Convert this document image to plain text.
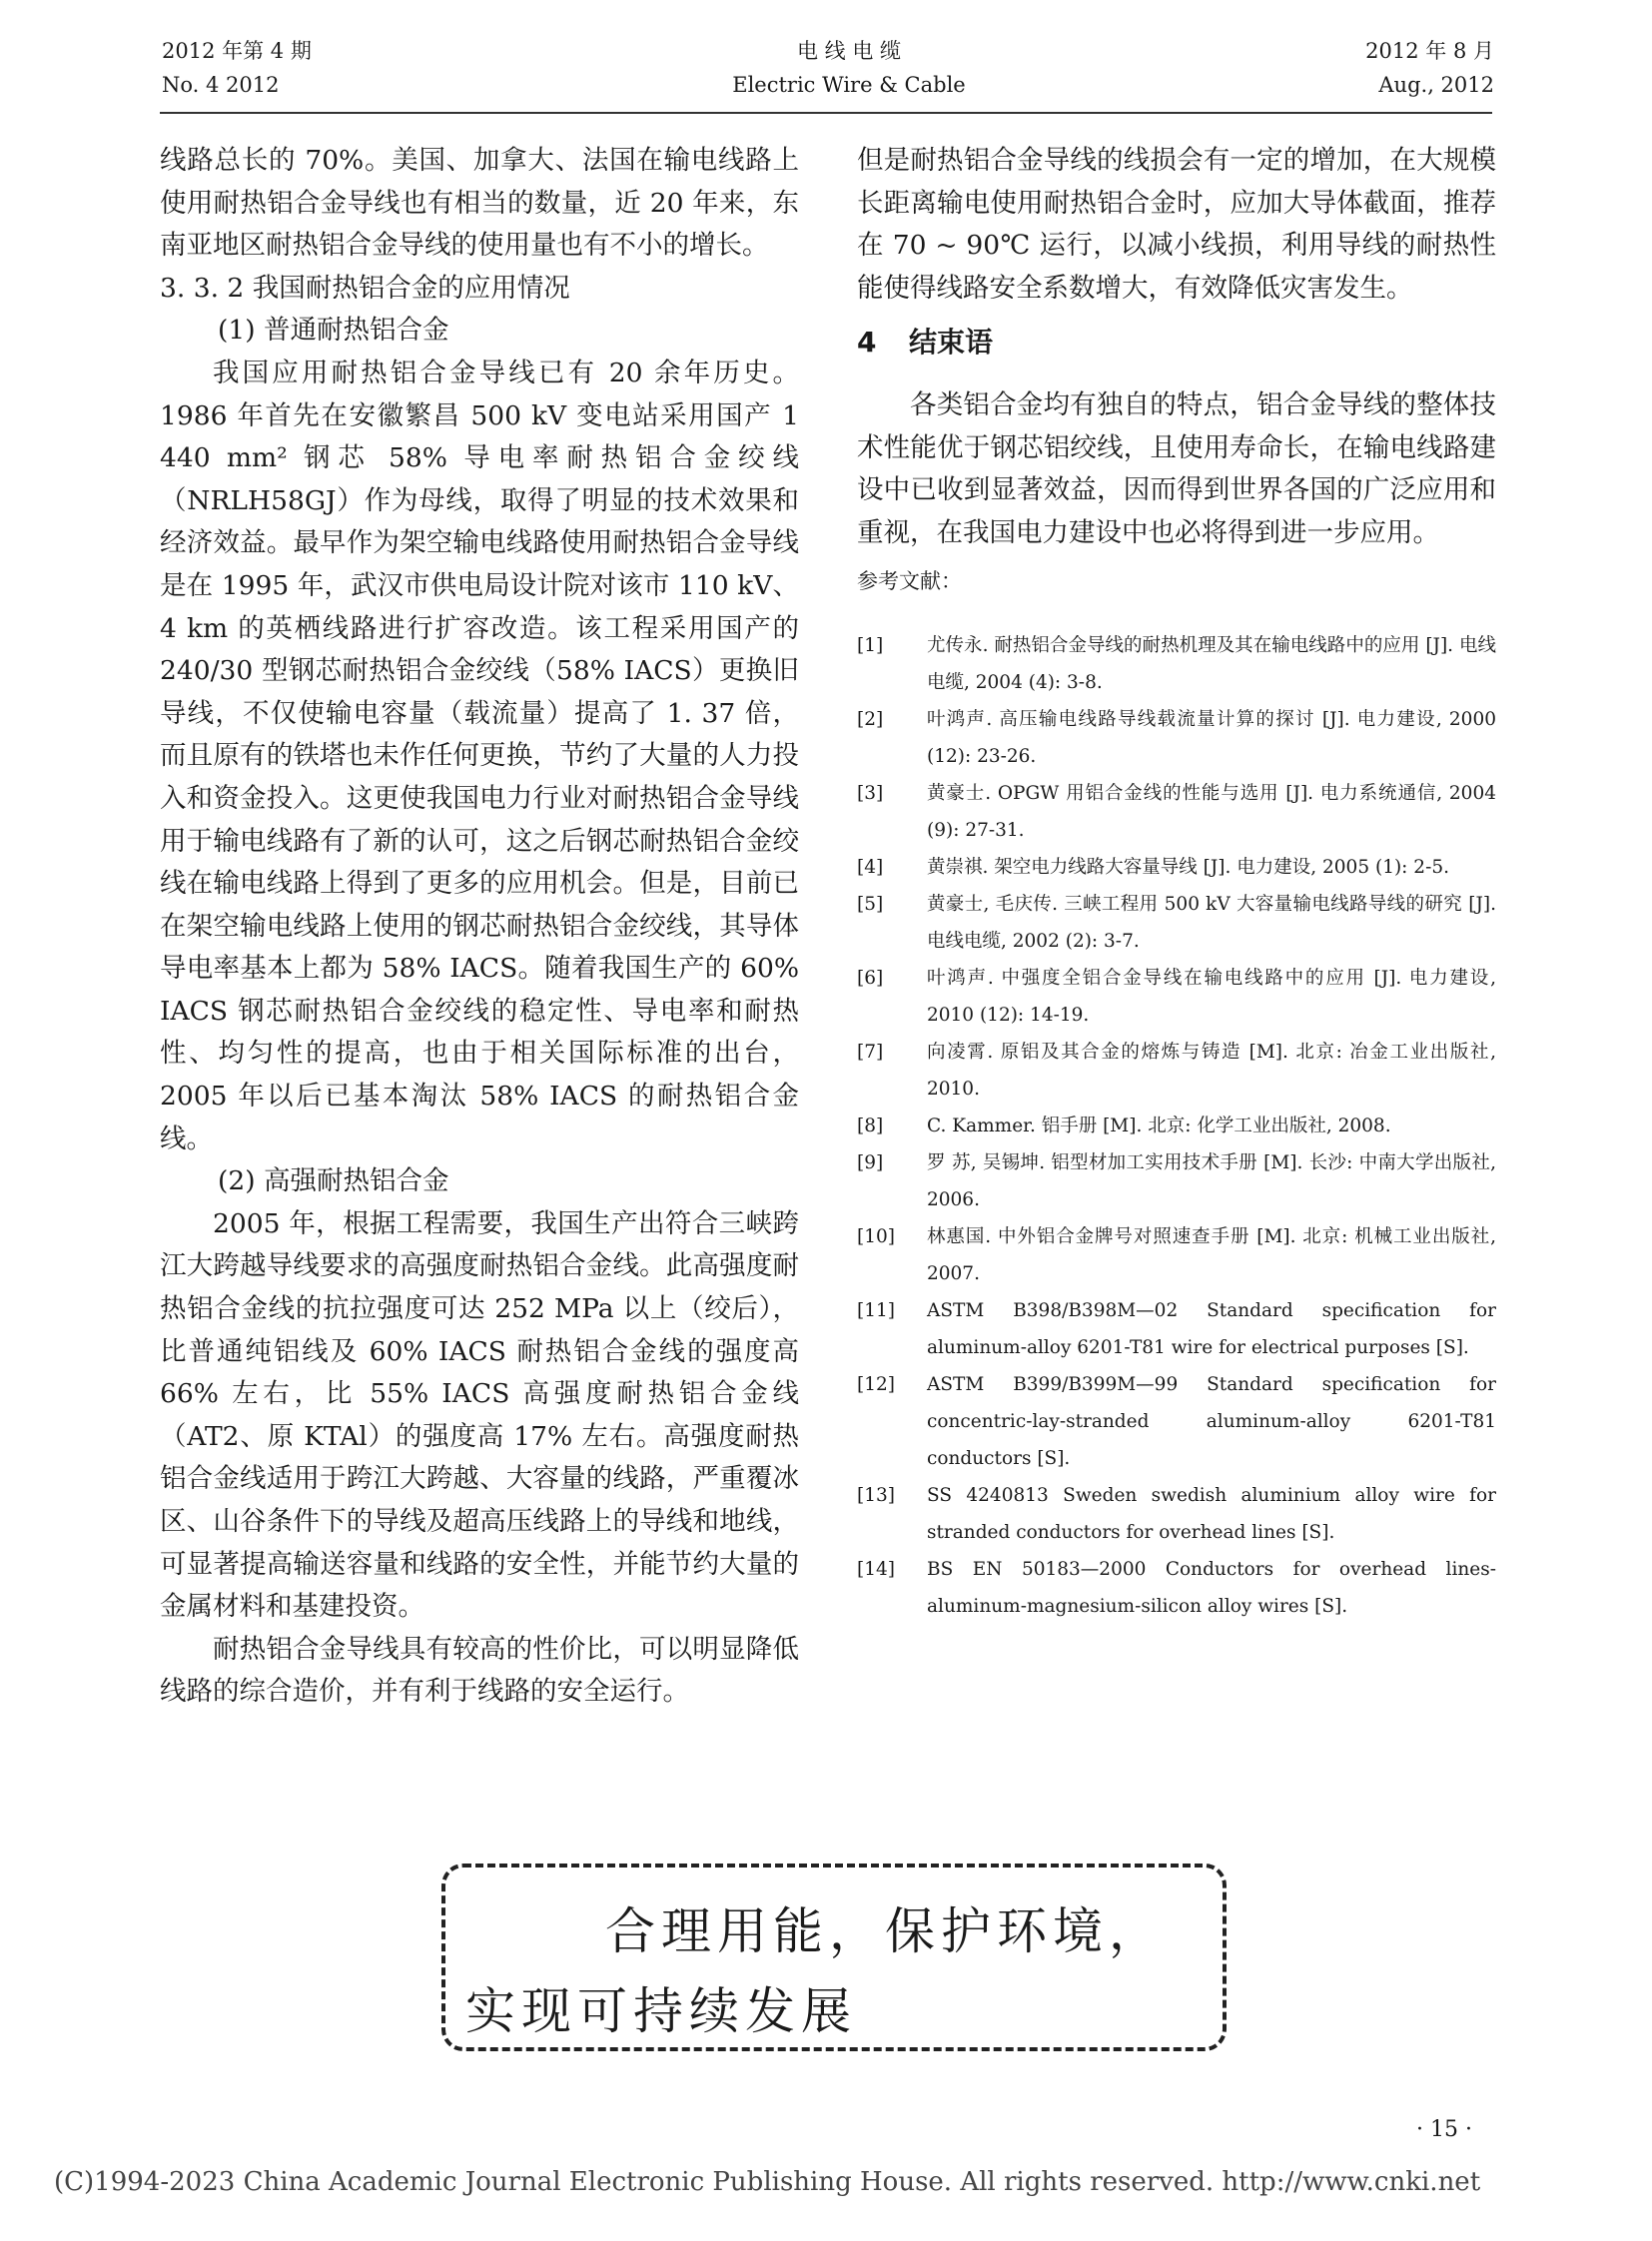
2012 年第 4 期
No. 4 2012
电 线 电 缆
Electric Wire & Cable
2012 年 8 月
Aug., 2012

线路总长的 70%。美国、加拿大、法国在输电线路上使用耐热铝合金导线也有相当的数量，近 20 年来，东南亚地区耐热铝合金导线的使用量也有不小的增长。

3. 3. 2 我国耐热铝合金的应用情况

(1) 普通耐热铝合金

我国应用耐热铝合金导线已有 20 余年历史。1986 年首先在安徽繁昌 500 kV 变电站采用国产 1 440 mm² 钢芯 58% 导电率耐热铝合金绞线（NRLH58GJ）作为母线，取得了明显的技术效果和经济效益。最早作为架空输电线路使用耐热铝合金导线是在 1995 年，武汉市供电局设计院对该市 110 kV、4 km 的英栖线路进行扩容改造。该工程采用国产的 240/30 型钢芯耐热铝合金绞线（58% IACS）更换旧导线，不仅使输电容量（载流量）提高了 1. 37 倍，而且原有的铁塔也未作任何更换，节约了大量的人力投入和资金投入。这更使我国电力行业对耐热铝合金导线用于输电线路有了新的认可，这之后钢芯耐热铝合金绞线在输电线路上得到了更多的应用机会。但是，目前已在架空输电线路上使用的钢芯耐热铝合金绞线，其导体导电率基本上都为 58% IACS。随着我国生产的 60% IACS 钢芯耐热铝合金绞线的稳定性、导电率和耐热性、均匀性的提高，也由于相关国际标准的出台，2005 年以后已基本淘汰 58% IACS 的耐热铝合金线。

(2) 高强耐热铝合金

2005 年，根据工程需要，我国生产出符合三峡跨江大跨越导线要求的高强度耐热铝合金线。此高强度耐热铝合金线的抗拉强度可达 252 MPa 以上（绞后），比普通纯铝线及 60% IACS 耐热铝合金线的强度高 66% 左右，比 55% IACS 高强度耐热铝合金线（AT2、原 KTAl）的强度高 17% 左右。高强度耐热铝合金线适用于跨江大跨越、大容量的线路，严重覆冰区、山谷条件下的导线及超高压线路上的导线和地线，可显著提高输送容量和线路的安全性，并能节约大量的金属材料和基建投资。

耐热铝合金导线具有较高的性价比，可以明显降低线路的综合造价，并有利于线路的安全运行。

但是耐热铝合金导线的线损会有一定的增加，在大规模长距离输电使用耐热铝合金时，应加大导体截面，推荐在 70 ~ 90℃ 运行，以减小线损，利用导线的耐热性能使得线路安全系数增大，有效降低灾害发生。

4 结束语

各类铝合金均有独自的特点，铝合金导线的整体技术性能优于钢芯铝绞线，且使用寿命长，在输电线路建设中已收到显著效益，因而得到世界各国的广泛应用和重视，在我国电力建设中也必将得到进一步应用。

参考文献：
[1] 尤传永. 耐热铝合金导线的耐热机理及其在输电线路中的应用 [J]. 电线电缆, 2004 (4): 3-8.
[2] 叶鸿声. 高压输电线路导线载流量计算的探讨 [J]. 电力建设, 2000 (12): 23-26.
[3] 黄豪士. OPGW 用铝合金线的性能与选用 [J]. 电力系统通信, 2004 (9): 27-31.
[4] 黄崇祺. 架空电力线路大容量导线 [J]. 电力建设, 2005 (1): 2-5.
[5] 黄豪士, 毛庆传. 三峡工程用 500 kV 大容量输电线路导线的研究 [J]. 电线电缆, 2002 (2): 3-7.
[6] 叶鸿声. 中强度全铝合金导线在输电线路中的应用 [J]. 电力建设, 2010 (12): 14-19.
[7] 向凌霄. 原铝及其合金的熔炼与铸造 [M]. 北京: 冶金工业出版社, 2010.
[8] C. Kammer. 铝手册 [M]. 北京: 化学工业出版社, 2008.
[9] 罗 苏, 吴锡坤. 铝型材加工实用技术手册 [M]. 长沙: 中南大学出版社, 2006.
[10] 林惠国. 中外铝合金牌号对照速查手册 [M]. 北京: 机械工业出版社, 2007.
[11] ASTM B398/B398M—02 Standard specification for aluminum-alloy 6201-T81 wire for electrical purposes [S].
[12] ASTM B399/B399M—99 Standard specification for concentric-lay-stranded aluminum-alloy 6201-T81 conductors [S].
[13] SS 4240813 Sweden swedish aluminium alloy wire for stranded conductors for overhead lines [S].
[14] BS EN 50183—2000 Conductors for overhead lines-aluminum-magnesium-silicon alloy wires [S].
合理用能，保护环境，
实现可持续发展
· 15 ·
(C)1994-2023 China Academic Journal Electronic Publishing House. All rights reserved. http://www.cnki.net
